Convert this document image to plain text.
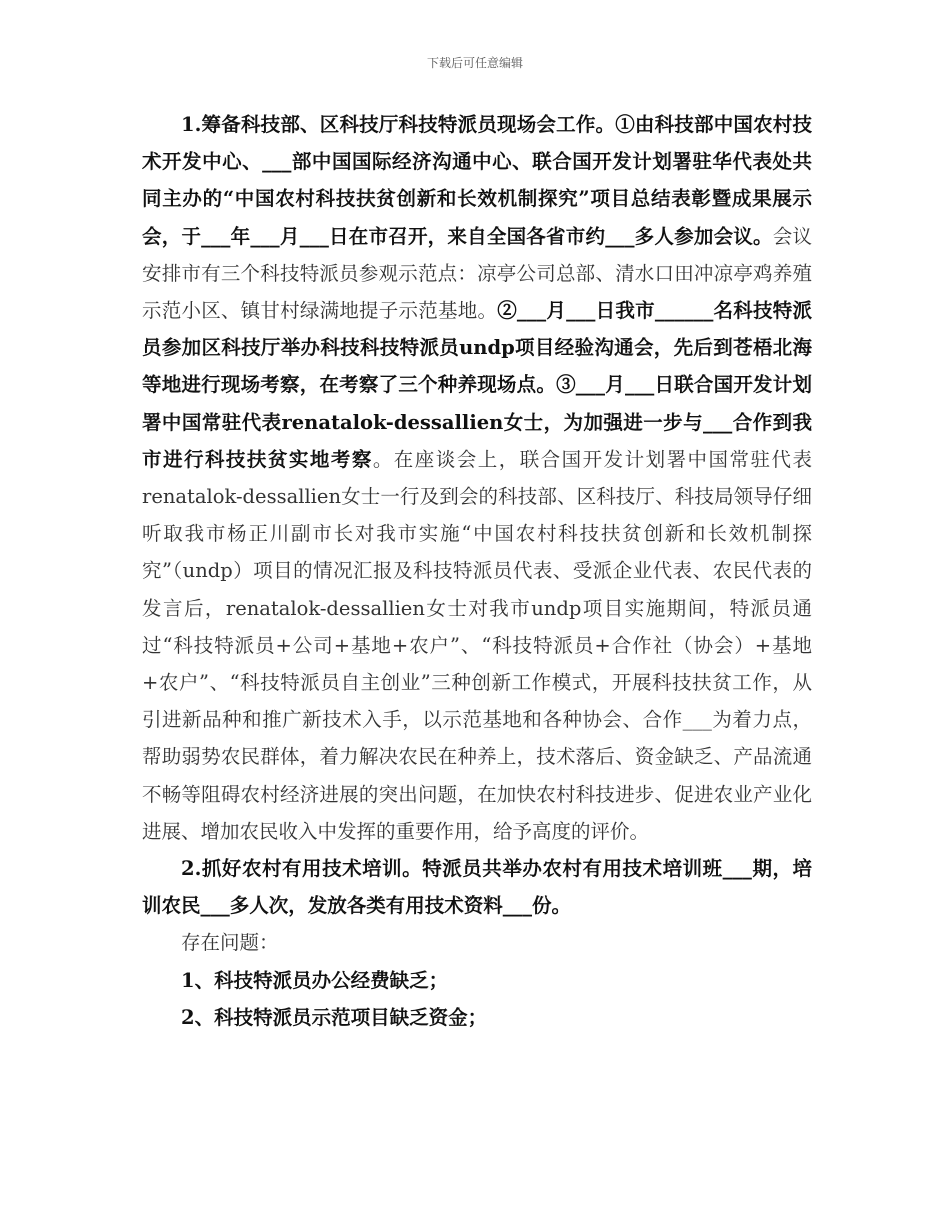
下载后可任意编辑

1.筹备科技部、区科技厅科技特派员现场会工作。①由科技部中国农村技术开发中心、___部中国国际经济沟通中心、联合国开发计划署驻华代表处共同主办的“中国农村科技扶贫创新和长效机制探究”项目总结表彰暨成果展示会，于___年___月___日在市召开，来自全国各省市约___多人参加会议。会议安排市有三个科技特派员参观示范点：凉亭公司总部、清水口田冲凉亭鸡养殖示范小区、镇甘村绿满地提子示范基地。②___月___日我市______名科技特派员参加区科技厅举办科技科技特派员undp项目经验沟通会，先后到苍梧北海等地进行现场考察，在考察了三个种养现场点。③___月___日联合国开发计划署中国常驻代表renatalok-dessallien女士，为加强进一步与___合作到我市进行科技扶贫实地考察。在座谈会上，联合国开发计划署中国常驻代表renatalok-dessallien女士一行及到会的科技部、区科技厅、科技局领导仔细听取我市杨正川副市长对我市实施“中国农村科技扶贫创新和长效机制探究”（undp）项目的情况汇报及科技特派员代表、受派企业代表、农民代表的发言后，renatalok-dessallien女士对我市undp项目实施期间，特派员通过“科技特派员+公司+基地+农户”、“科技特派员+合作社（协会）+基地+农户”、“科技特派员自主创业”三种创新工作模式，开展科技扶贫工作，从引进新品种和推广新技术入手，以示范基地和各种协会、合作___为着力点，帮助弱势农民群体，着力解决农民在种养上，技术落后、资金缺乏、产品流通不畅等阻碍农村经济进展的突出问题，在加快农村科技进步、促进农业产业化进展、增加农民收入中发挥的重要作用，给予高度的评价。

2.抓好农村有用技术培训。特派员共举办农村有用技术培训班___期，培训农民___多人次，发放各类有用技术资料___份。

存在问题：

1、科技特派员办公经费缺乏；

2、科技特派员示范项目缺乏资金；
